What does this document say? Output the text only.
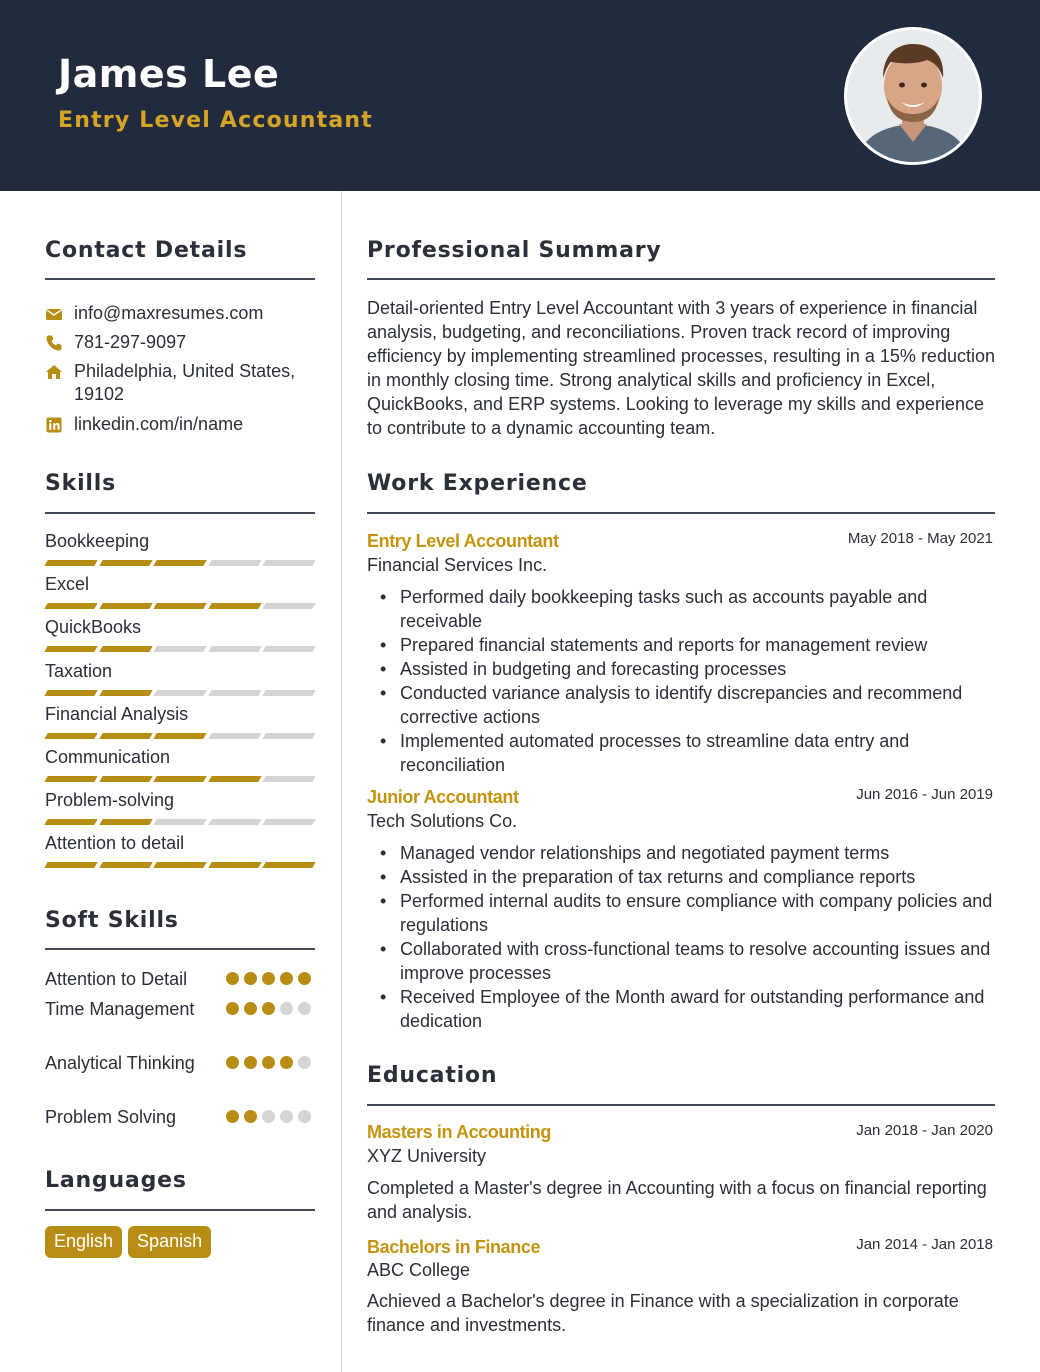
James Lee
Entry Level Accountant
Contact Details
info@maxresumes.com
781-297-9097
Philadelphia, United States, 19102
linkedin.com/in/name
Skills
Bookkeeping
Excel
QuickBooks
Taxation
Financial Analysis
Communication
Problem-solving
Attention to detail
Soft Skills
Attention to Detail
Time Management
Analytical Thinking
Problem Solving
Languages
English	Spanish
Professional Summary
Detail-oriented Entry Level Accountant with 3 years of experience in financial analysis, budgeting, and reconciliations. Proven track record of improving efficiency by implementing streamlined processes, resulting in a 15% reduction in monthly closing time. Strong analytical skills and proficiency in Excel, QuickBooks, and ERP systems. Looking to leverage my skills and experience to contribute to a dynamic accounting team.
Work Experience
Entry Level Accountant	May 2018 - May 2021
Financial Services Inc.
• Performed daily bookkeeping tasks such as accounts payable and receivable
• Prepared financial statements and reports for management review
• Assisted in budgeting and forecasting processes
• Conducted variance analysis to identify discrepancies and recommend corrective actions
• Implemented automated processes to streamline data entry and reconciliation
Junior Accountant	Jun 2016 - Jun 2019
Tech Solutions Co.
• Managed vendor relationships and negotiated payment terms
• Assisted in the preparation of tax returns and compliance reports
• Performed internal audits to ensure compliance with company policies and regulations
• Collaborated with cross-functional teams to resolve accounting issues and improve processes
• Received Employee of the Month award for outstanding performance and dedication
Education
Masters in Accounting	Jan 2018 - Jan 2020
XYZ University
Completed a Master's degree in Accounting with a focus on financial reporting and analysis.
Bachelors in Finance	Jan 2014 - Jan 2018
ABC College
Achieved a Bachelor's degree in Finance with a specialization in corporate finance and investments.
